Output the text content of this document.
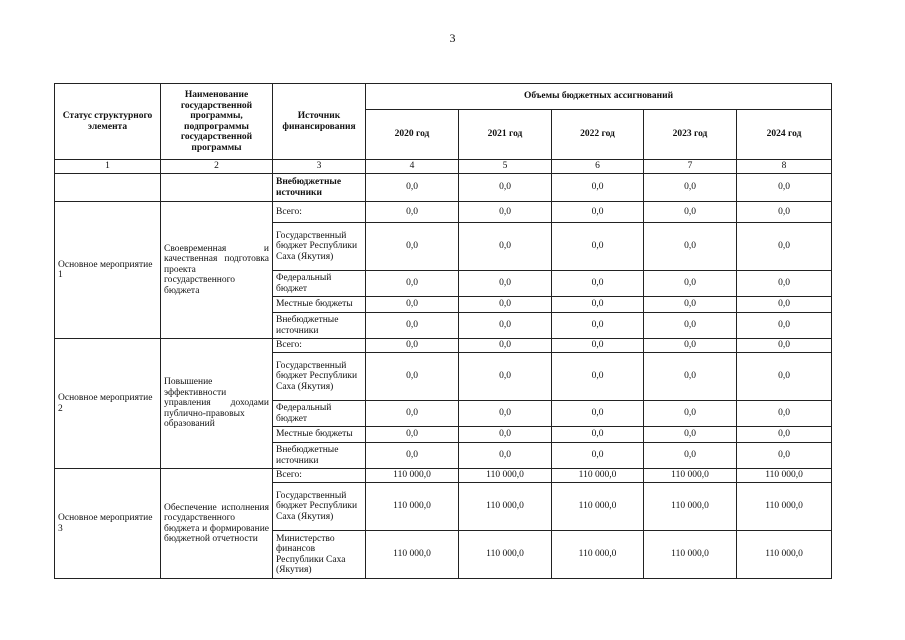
3
Статус структурного элемента	Наименование государственной программы, подпрограммы государственной программы	Источник финансирования	Объемы бюджетных ассигнований				
			2020 год	2021 год	2022 год	2023 год	2024 год
1	2	3	4	5	6	7	8
		Внебюджетные источники	0,0	0,0	0,0	0,0	0,0
Основное мероприятие 1	Своевременная и качественная подготовка проекта государственного бюджета	Всего:	0,0	0,0	0,0	0,0	0,0
		Государственный бюджет Республики Саха (Якутия)	0,0	0,0	0,0	0,0	0,0
		Федеральный бюджет	0,0	0,0	0,0	0,0	0,0
		Местные бюджеты	0,0	0,0	0,0	0,0	0,0
		Внебюджетные источники	0,0	0,0	0,0	0,0	0,0
Основное мероприятие 2	Повышение эффективности управления доходами публично-правовых образований	Всего:	0,0	0,0	0,0	0,0	0,0
		Государственный бюджет Республики Саха (Якутия)	0,0	0,0	0,0	0,0	0,0
		Федеральный бюджет	0,0	0,0	0,0	0,0	0,0
		Местные бюджеты	0,0	0,0	0,0	0,0	0,0
		Внебюджетные источники	0,0	0,0	0,0	0,0	0,0
Основное мероприятие 3	Обеспечение исполнения государственного бюджета и формирование бюджетной отчетности	Всего:	110 000,0	110 000,0	110 000,0	110 000,0	110 000,0
		Государственный бюджет Республики Саха (Якутия)	110 000,0	110 000,0	110 000,0	110 000,0	110 000,0
		Министерство финансов Республики Саха (Якутия)	110 000,0	110 000,0	110 000,0	110 000,0	110 000,0
